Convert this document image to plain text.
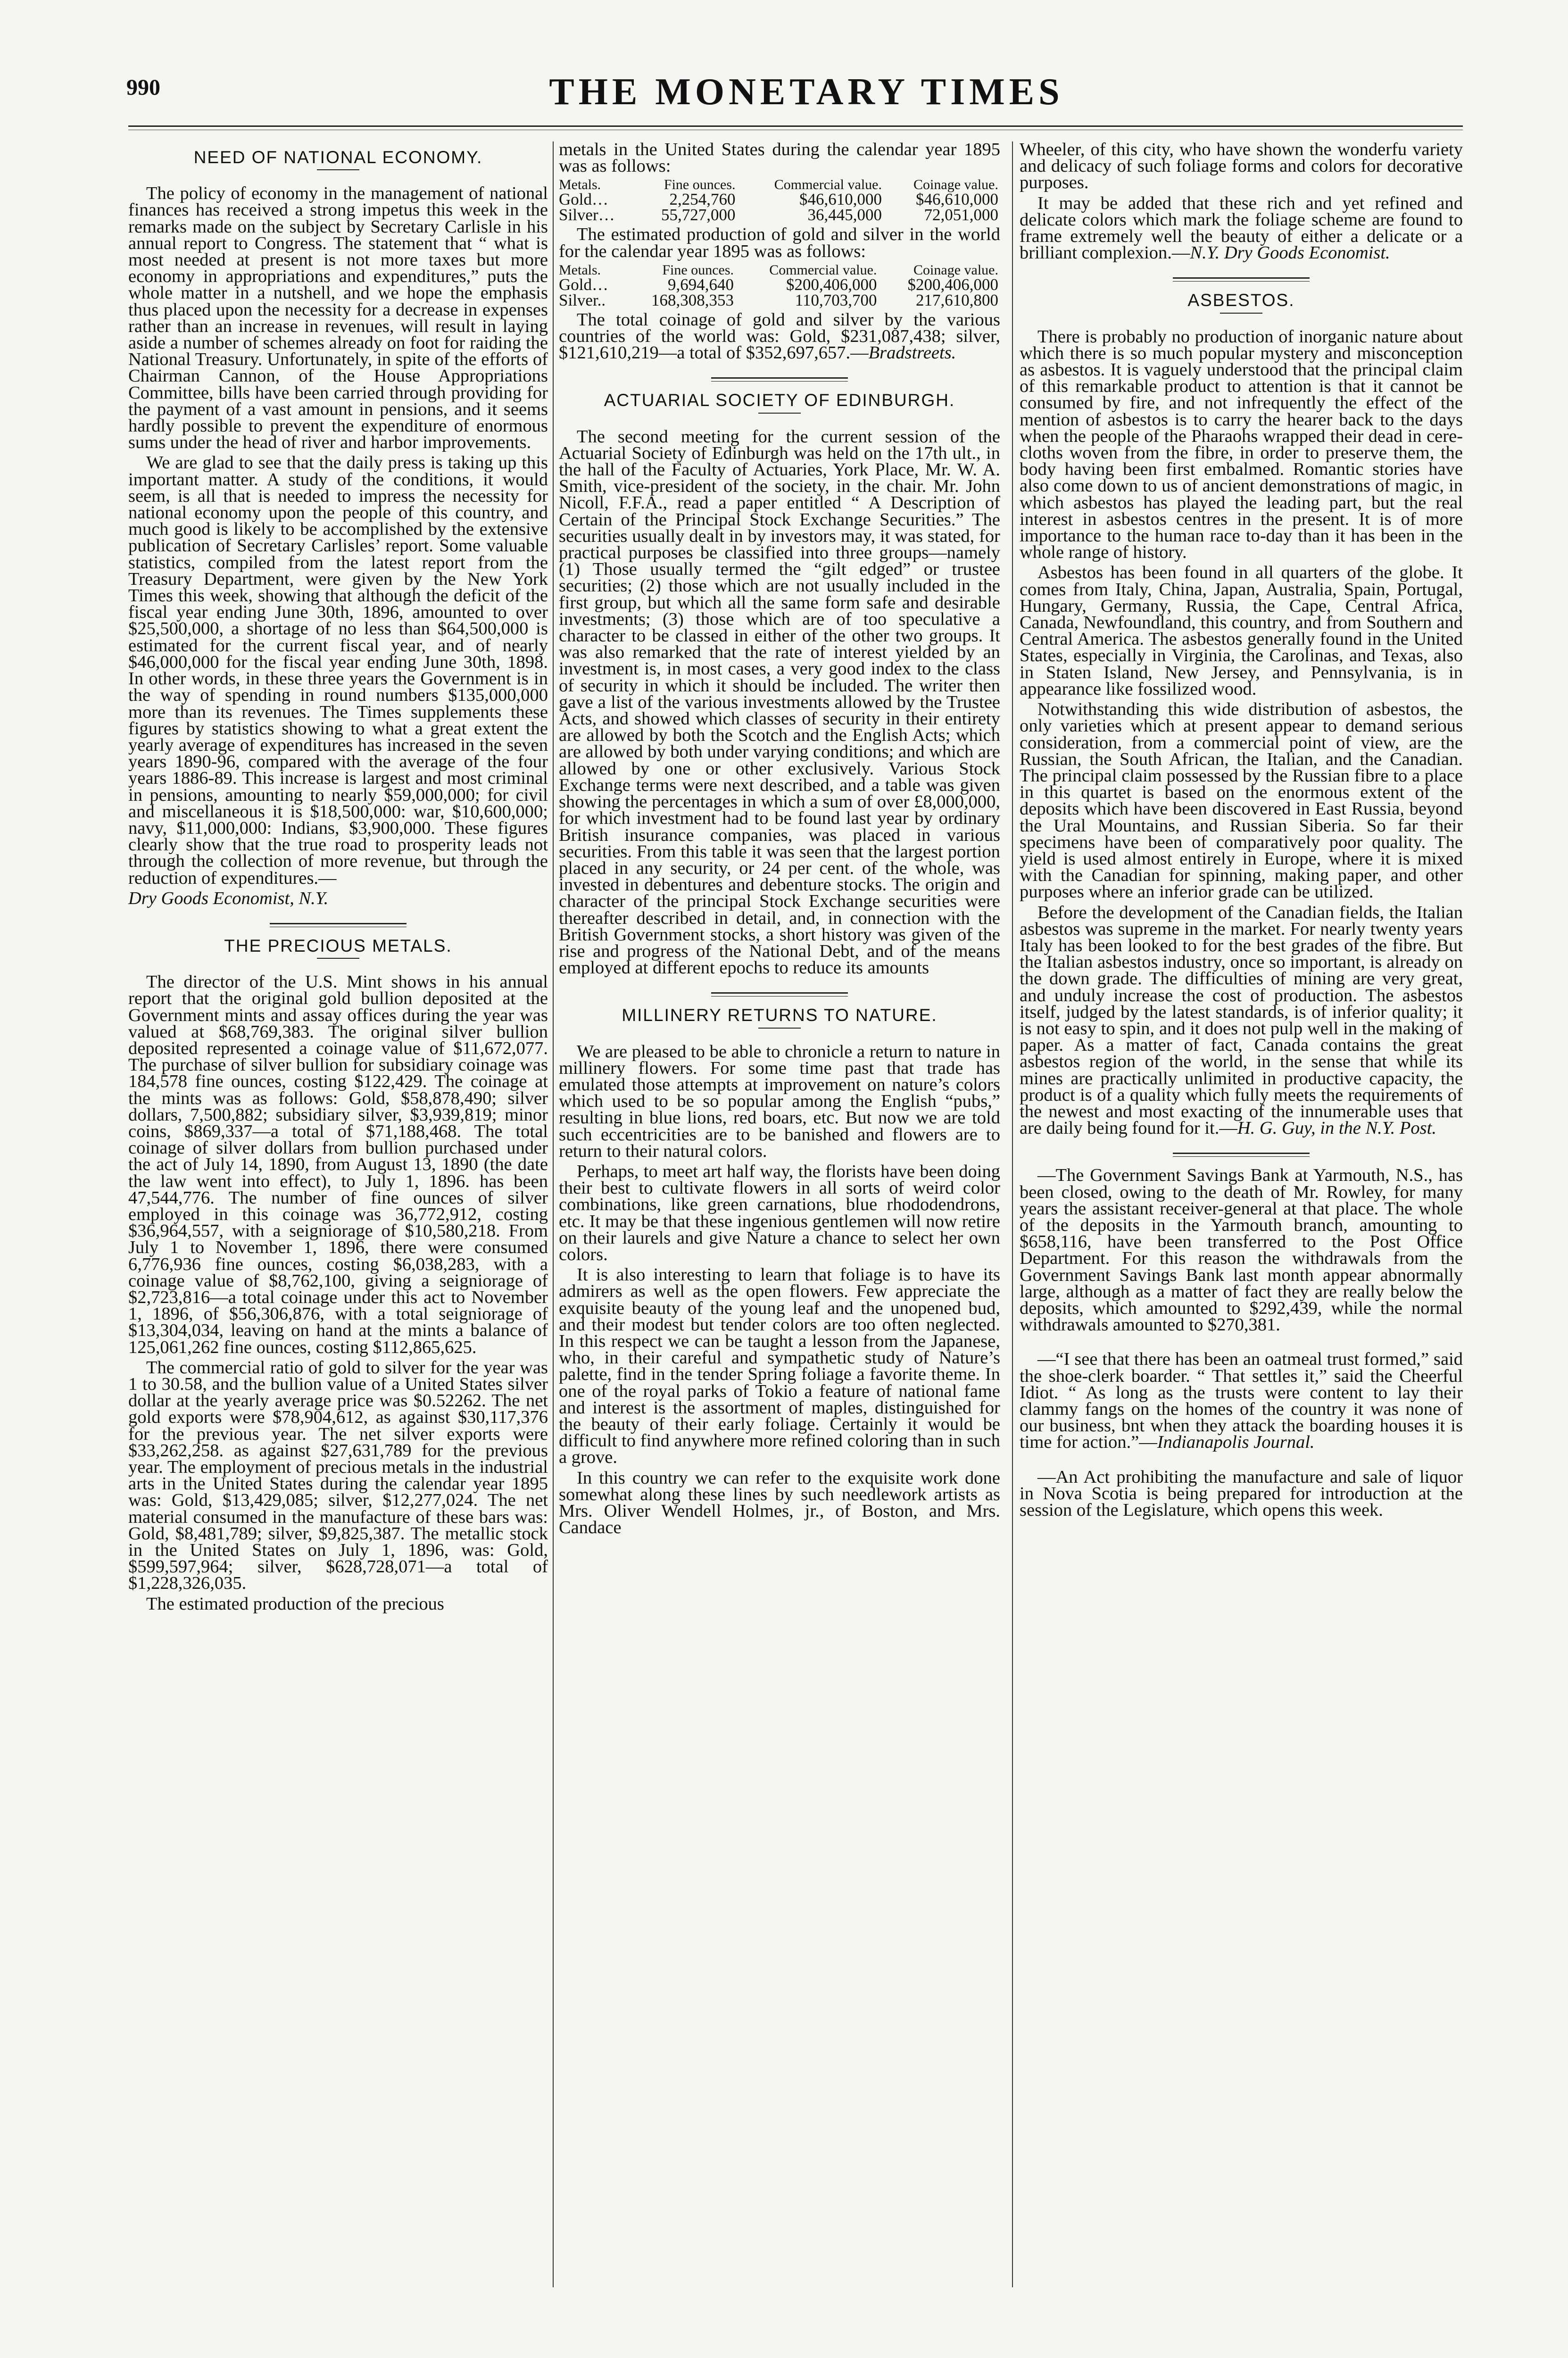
990	THE MONETARY TIMES
NEED OF NATIONAL ECONOMY.

The policy of economy in the management of national finances has received a strong impetus this week in the remarks made on the subject by Secretary Carlisle in his annual report to Congress. The statement that “ what is most needed at present is not more taxes but more economy in appropriations and expenditures,” puts the whole matter in a nutshell, and we hope the emphasis thus placed upon the necessity for a decrease in expenses rather than an increase in revenues, will result in laying aside a number of schemes already on foot for raiding the National Treasury. Unfortunately, in spite of the efforts of Chairman Cannon, of the House Appropriations Committee, bills have been carried through providing for the payment of a vast amount in pensions, and it seems hardly possible to prevent the expenditure of enormous sums under the head of river and harbor improvements.

We are glad to see that the daily press is taking up this important matter. A study of the conditions, it would seem, is all that is needed to impress the necessity for national economy upon the people of this country, and much good is likely to be accomplished by the extensive publication of Secretary Carlisles’ report. Some valuable statistics, compiled from the latest report from the Treasury Department, were given by the New York Times this week, showing that although the deficit of the fiscal year ending June 30th, 1896, amounted to over $25,500,000, a shortage of no less than $64,500,000 is estimated for the current fiscal year, and of nearly $46,000,000 for the fiscal year ending June 30th, 1898. In other words, in these three years the Government is in the way of spending in round numbers $135,000,000 more than its revenues. The Times supplements these figures by statistics showing to what a great extent the yearly average of expenditures has increased in the seven years 1890-96, compared with the average of the four years 1886-89. This increase is largest and most criminal in pensions, amounting to nearly $59,000,000; for civil and miscellaneous it is $18,500,000: war, $10,600,000; navy, $11,000,000: Indians, $3,900,000. These figures clearly show that the true road to prosperity leads not through the collection of more revenue, but through the reduction of expenditures.—

Dry Goods Economist, N.Y.

THE PRECIOUS METALS.

The director of the U.S. Mint shows in his annual report that the original gold bullion deposited at the Government mints and assay offices during the year was valued at $68,769,383. The original silver bullion deposited represented a coinage value of $11,672,077. The purchase of silver bullion for subsidiary coinage was 184,578 fine ounces, costing $122,429. The coinage at the mints was as follows: Gold, $58,878,490; silver dollars, 7,500,882; subsidiary silver, $3,939,819; minor coins, $869,337—a total of $71,188,468. The total coinage of silver dollars from bullion purchased under the act of July 14, 1890, from August 13, 1890 (the date the law went into effect), to July 1, 1896. has been 47,544,776. The number of fine ounces of silver employed in this coinage was 36,772,912, costing $36,964,557, with a seigniorage of $10,580,218. From July 1 to November 1, 1896, there were consumed 6,776,936 fine ounces, costing $6,038,283, with a coinage value of $8,762,100, giving a seigniorage of $2,723,816—a total coinage under this act to November 1, 1896, of $56,306,876, with a total seigniorage of $13,304,034, leaving on hand at the mints a balance of 125,061,262 fine ounces, costing $112,865,625.

The commercial ratio of gold to silver for the year was 1 to 30.58, and the bullion value of a United States silver dollar at the yearly average price was $0.52262. The net gold exports were $78,904,612, as against $30,117,376 for the previous year. The net silver exports were $33,262,258. as against $27,631,789 for the previous year. The employment of precious metals in the industrial arts in the United States during the calendar year 1895 was: Gold, $13,429,085; silver, $12,277,024. The net material consumed in the manufacture of these bars was: Gold, $8,481,789; silver, $9,825,387. The metallic stock in the United States on July 1, 1896, was: Gold, $599,597,964; silver, $628,728,071—a total of $1,228,326,035.

The estimated production of the precious

metals in the United States during the calendar year 1895 was as follows:

Metals.	Fine ounces.	Commercial value.	Coinage value.
Gold…	2,254,760	$46,610,000	$46,610,000
Silver…	55,727,000	36,445,000	72,051,000

The estimated production of gold and silver in the world for the calendar year 1895 was as follows:

Metals.	Fine ounces.	Commercial value.	Coinage value.
Gold…	9,694,640	$200,406,000	$200,406,000
Silver..	168,308,353	110,703,700	217,610,800

The total coinage of gold and silver by the various countries of the world was: Gold, $231,087,438; silver, $121,610,219—a total of $352,697,657.—Bradstreets.

ACTUARIAL SOCIETY OF EDINBURGH.

The second meeting for the current session of the Actuarial Society of Edinburgh was held on the 17th ult., in the hall of the Faculty of Actuaries, York Place, Mr. W. A. Smith, vice-president of the society, in the chair. Mr. John Nicoll, F.F.A., read a paper entitled “ A Description of Certain of the Principal Stock Exchange Securities.” The securities usually dealt in by investors may, it was stated, for practical purposes be classified into three groups—namely (1) Those usually termed the “gilt edged” or trustee securities; (2) those which are not usually included in the first group, but which all the same form safe and desirable investments; (3) those which are of too speculative a character to be classed in either of the other two groups. It was also remarked that the rate of interest yielded by an investment is, in most cases, a very good index to the class of security in which it should be included. The writer then gave a list of the various investments allowed by the Trustee Acts, and showed which classes of security in their entirety are allowed by both the Scotch and the English Acts; which are allowed by both under varying conditions; and which are allowed by one or other exclusively. Various Stock Exchange terms were next described, and a table was given showing the percentages in which a sum of over £8,000,000, for which investment had to be found last year by ordinary British insurance companies, was placed in various securities. From this table it was seen that the largest portion placed in any security, or 24 per cent. of the whole, was invested in debentures and debenture stocks. The origin and character of the principal Stock Exchange securities were thereafter described in detail, and, in connection with the British Government stocks, a short history was given of the rise and progress of the National Debt, and of the means employed at different epochs to reduce its amounts

MILLINERY RETURNS TO NATURE.

We are pleased to be able to chronicle a return to nature in millinery flowers. For some time past that trade has emulated those attempts at improvement on nature’s colors which used to be so popular among the English “pubs,” resulting in blue lions, red boars, etc. But now we are told such eccentricities are to be banished and flowers are to return to their natural colors.

Perhaps, to meet art half way, the florists have been doing their best to cultivate flowers in all sorts of weird color combinations, like green carnations, blue rhododendrons, etc. It may be that these ingenious gentlemen will now retire on their laurels and give Nature a chance to select her own colors.

It is also interesting to learn that foliage is to have its admirers as well as the open flowers. Few appreciate the exquisite beauty of the young leaf and the unopened bud, and their modest but tender colors are too often neglected. In this respect we can be taught a lesson from the Japanese, who, in their careful and sympathetic study of Nature’s palette, find in the tender Spring foliage a favorite theme. In one of the royal parks of Tokio a feature of national fame and interest is the assortment of maples, distinguished for the beauty of their early foliage. Certainly it would be difficult to find anywhere more refined coloring than in such a grove.

In this country we can refer to the exquisite work done somewhat along these lines by such needlework artists as Mrs. Oliver Wendell Holmes, jr., of Boston, and Mrs. Candace

Wheeler, of this city, who have shown the wonderfu variety and delicacy of such foliage forms and colors for decorative purposes.

It may be added that these rich and yet refined and delicate colors which mark the foliage scheme are found to frame extremely well the beauty of either a delicate or a brilliant complexion.—N.Y. Dry Goods Economist.

ASBESTOS.

There is probably no production of inorganic nature about which there is so much popular mystery and misconception as asbestos. It is vaguely understood that the principal claim of this remarkable product to attention is that it cannot be consumed by fire, and not infrequently the effect of the mention of asbestos is to carry the hearer back to the days when the people of the Pharaohs wrapped their dead in cere-cloths woven from the fibre, in order to preserve them, the body having been first embalmed. Romantic stories have also come down to us of ancient demonstrations of magic, in which asbestos has played the leading part, but the real interest in asbestos centres in the present. It is of more importance to the human race to-day than it has been in the whole range of history.

Asbestos has been found in all quarters of the globe. It comes from Italy, China, Japan, Australia, Spain, Portugal, Hungary, Germany, Russia, the Cape, Central Africa, Canada, Newfoundland, this country, and from Southern and Central America. The asbestos generally found in the United States, especially in Virginia, the Carolinas, and Texas, also in Staten Island, New Jersey, and Pennsylvania, is in appearance like fossilized wood.

Notwithstanding this wide distribution of asbestos, the only varieties which at present appear to demand serious consideration, from a commercial point of view, are the Russian, the South African, the Italian, and the Canadian. The principal claim possessed by the Russian fibre to a place in this quartet is based on the enormous extent of the deposits which have been discovered in East Russia, beyond the Ural Mountains, and Russian Siberia. So far their specimens have been of comparatively poor quality. The yield is used almost entirely in Europe, where it is mixed with the Canadian for spinning, making paper, and other purposes where an inferior grade can be utilized.

Before the development of the Canadian fields, the Italian asbestos was supreme in the market. For nearly twenty years Italy has been looked to for the best grades of the fibre. But the Italian asbestos industry, once so important, is already on the down grade. The difficulties of mining are very great, and unduly increase the cost of production. The asbestos itself, judged by the latest standards, is of inferior quality; it is not easy to spin, and it does not pulp well in the making of paper. As a matter of fact, Canada contains the great asbestos region of the world, in the sense that while its mines are practically unlimited in productive capacity, the product is of a quality which fully meets the requirements of the newest and most exacting of the innumerable uses that are daily being found for it.—H. G. Guy, in the N.Y. Post.

—The Government Savings Bank at Yarmouth, N.S., has been closed, owing to the death of Mr. Rowley, for many years the assistant receiver-general at that place. The whole of the deposits in the Yarmouth branch, amounting to $658,116, have been transferred to the Post Office Department. For this reason the withdrawals from the Government Savings Bank last month appear abnormally large, although as a matter of fact they are really below the deposits, which amounted to $292,439, while the normal withdrawals amounted to $270,381.

—“I see that there has been an oatmeal trust formed,” said the shoe-clerk boarder. “ That settles it,” said the Cheerful Idiot. “ As long as the trusts were content to lay their clammy fangs on the homes of the country it was none of our business, bnt when they attack the boarding houses it is time for action.”—Indianapolis Journal.

—An Act prohibiting the manufacture and sale of liquor in Nova Scotia is being prepared for introduction at the session of the Legislature, which opens this week.
